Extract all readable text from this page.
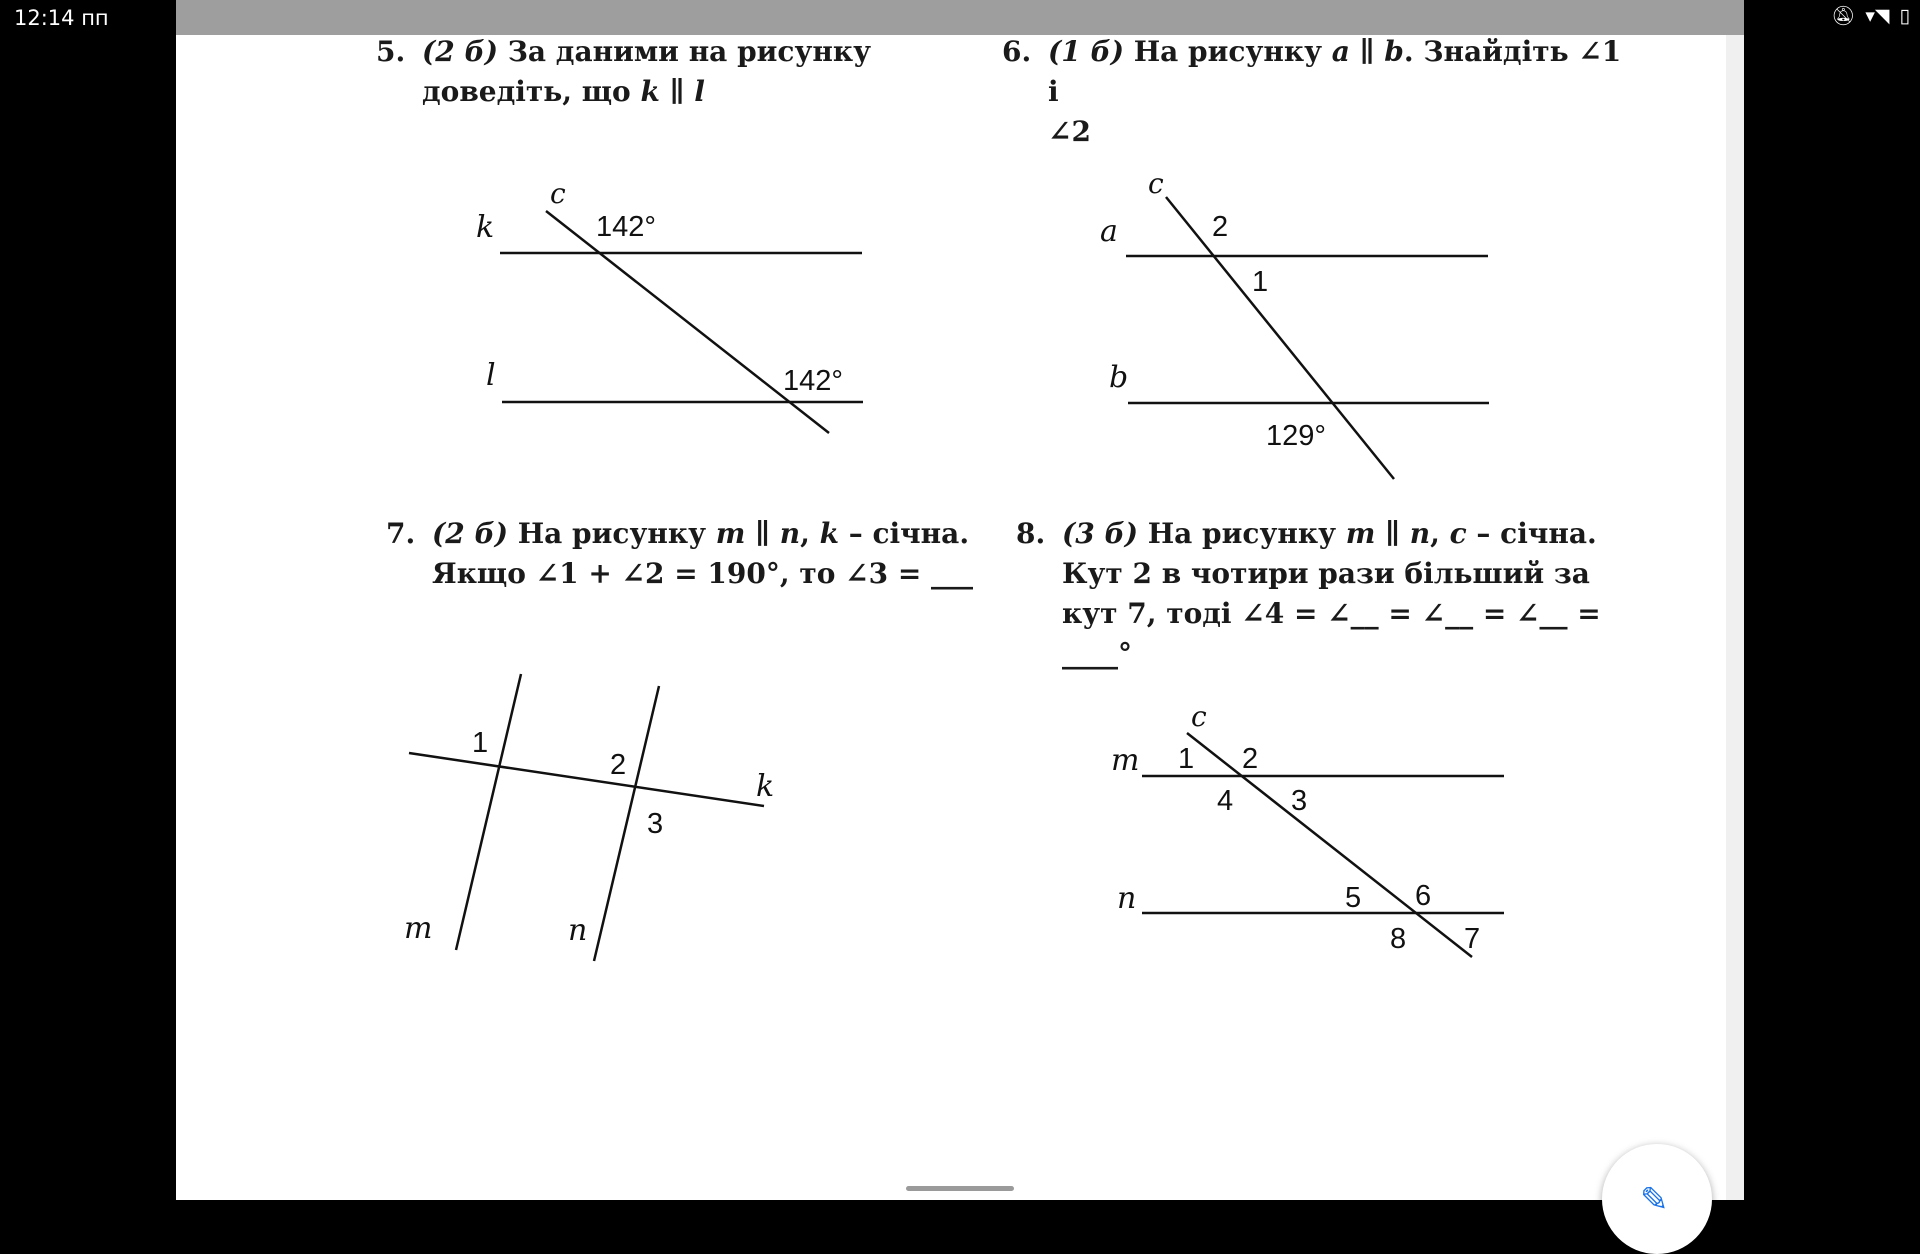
12:14 пп	🔕︎ ▾◥ ▯
5. (2 б) За даними на рисунку
доведіть, що k ∥ l
6. (1 б) На рисунку a ∥ b. Знайдіть ∠1 і
∠2
7. (2 б) На рисунку m ∥ n, k – січна.
Якщо ∠1 + ∠2 = 190°, то ∠3 = ___
8. (3 б) На рисунку m ∥ n, c – січна.
Кут 2 в чотири рази більший за
кут 7, тоді ∠4 = ∠__ = ∠__ = ∠__ =
____°
c
k
l
142°
142°
c
a
b
2
1
129°
1
2
3
k
m	n
c
m
n
1 2
3
4
5 6
7
8
✎
